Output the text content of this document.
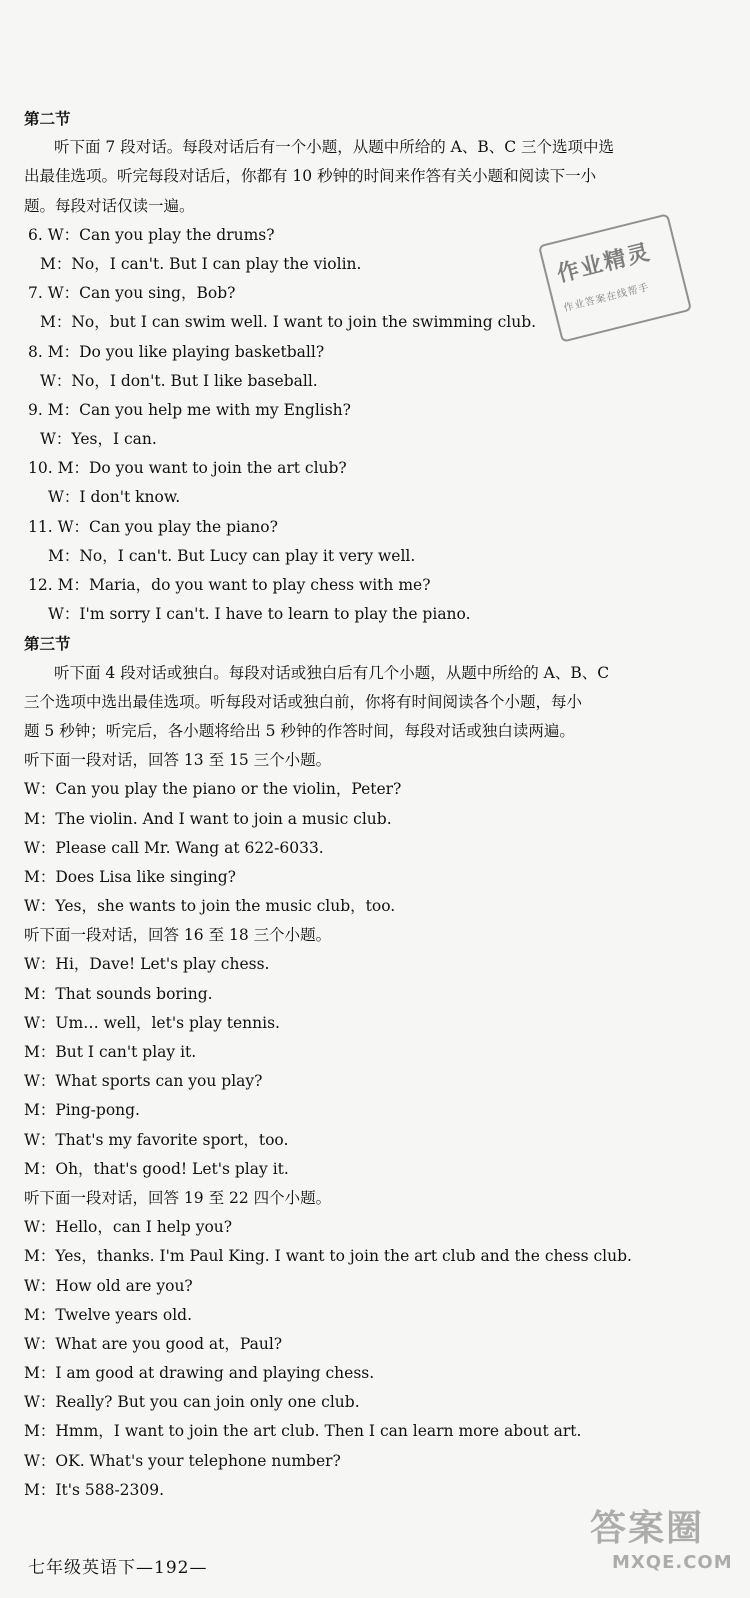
第二节
听下面 7 段对话。每段对话后有一个小题，从题中所给的 A、B、C 三个选项中选
出最佳选项。听完每段对话后，你都有 10 秒钟的时间来作答有关小题和阅读下一小
题。每段对话仅读一遍。
6. W：Can you play the drums?
M：No，I can't. But I can play the violin.
7. W：Can you sing，Bob?
M：No，but I can swim well. I want to join the swimming club.
8. M：Do you like playing basketball?
W：No，I don't. But I like baseball.
9. M：Can you help me with my English?
W：Yes，I can.
10. M：Do you want to join the art club?
W：I don't know.
11. W：Can you play the piano?
M：No，I can't. But Lucy can play it very well.
12. M：Maria，do you want to play chess with me?
W：I'm sorry I can't. I have to learn to play the piano.
第三节
听下面 4 段对话或独白。每段对话或独白后有几个小题，从题中所给的 A、B、C
三个选项中选出最佳选项。听每段对话或独白前，你将有时间阅读各个小题，每小
题 5 秒钟；听完后，各小题将给出 5 秒钟的作答时间，每段对话或独白读两遍。
听下面一段对话，回答 13 至 15 三个小题。
W：Can you play the piano or the violin，Peter?
M：The violin. And I want to join a music club.
W：Please call Mr. Wang at 622-6033.
M：Does Lisa like singing?
W：Yes，she wants to join the music club，too.
听下面一段对话，回答 16 至 18 三个小题。
W：Hi，Dave! Let's play chess.
M：That sounds boring.
W：Um… well，let's play tennis.
M：But I can't play it.
W：What sports can you play?
M：Ping-pong.
W：That's my favorite sport，too.
M：Oh，that's good! Let's play it.
听下面一段对话，回答 19 至 22 四个小题。
W：Hello，can I help you?
M：Yes，thanks. I'm Paul King. I want to join the art club and the chess club.
W：How old are you?
M：Twelve years old.
W：What are you good at，Paul?
M：I am good at drawing and playing chess.
W：Really? But you can join only one club.
M：Hmm，I want to join the art club. Then I can learn more about art.
W：OK. What's your telephone number?
M：It's 588-2309.
作业精灵
作业答案在线帮手
七年级英语下—192—
答案圈
MXQE.COM
